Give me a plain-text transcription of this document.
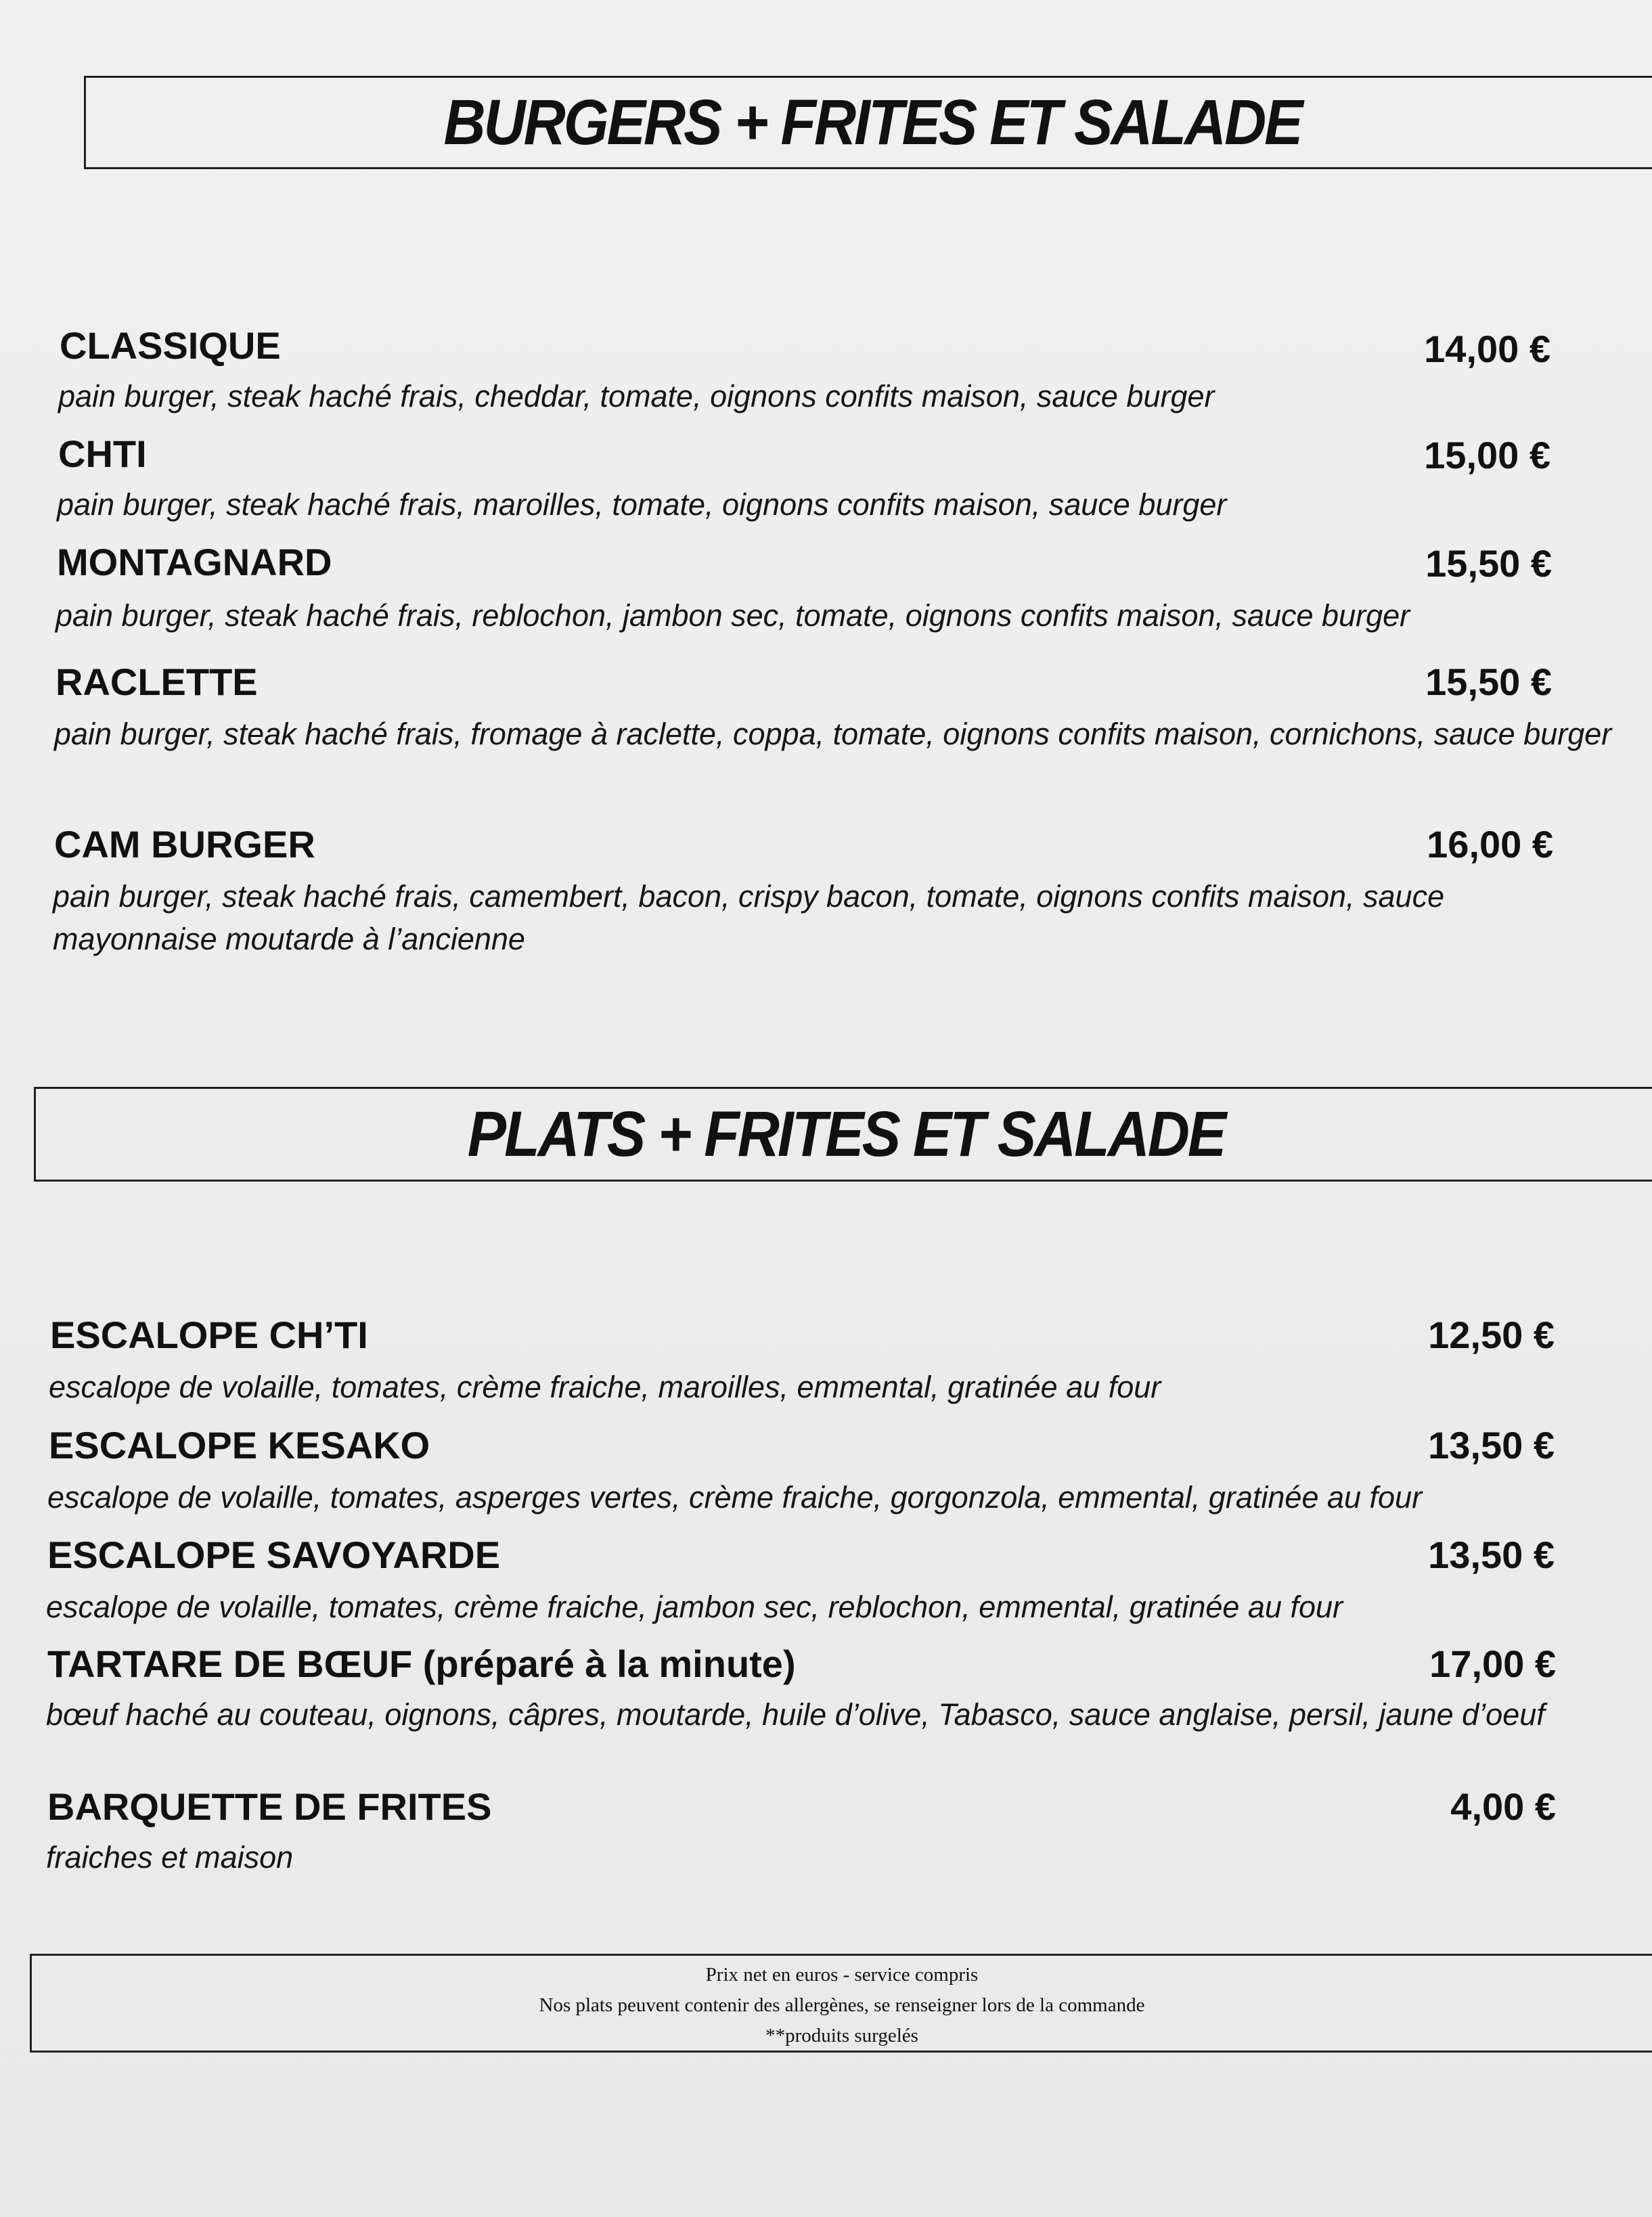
BURGERS + FRITES ET SALADE
CLASSIQUE	14,00 €
pain burger, steak haché frais, cheddar, tomate, oignons confits maison, sauce burger
CHTI	15,00 €
pain burger, steak haché frais, maroilles, tomate, oignons confits maison, sauce burger
MONTAGNARD	15,50 €
pain burger, steak haché frais, reblochon, jambon sec, tomate, oignons confits maison, sauce burger
RACLETTE	15,50 €
pain burger, steak haché frais, fromage à raclette, coppa, tomate, oignons confits maison, cornichons, sauce burger
CAM BURGER	16,00 €
pain burger, steak haché frais, camembert, bacon, crispy bacon, tomate, oignons confits maison, sauce mayonnaise moutarde à l’ancienne
PLATS + FRITES ET SALADE
ESCALOPE CH’TI	12,50 €
escalope de volaille, tomates, crème fraiche, maroilles, emmental, gratinée au four
ESCALOPE KESAKO	13,50 €
escalope de volaille, tomates, asperges vertes, crème fraiche, gorgonzola, emmental, gratinée au four
ESCALOPE SAVOYARDE	13,50 €
escalope de volaille, tomates, crème fraiche, jambon sec, reblochon, emmental, gratinée au four
TARTARE DE BŒUF (préparé à la minute)	17,00 €
bœuf haché au couteau, oignons, câpres, moutarde, huile d’olive, Tabasco, sauce anglaise, persil, jaune d’oeuf
BARQUETTE DE FRITES	4,00 €
fraiches et maison
Prix net en euros - service compris
Nos plats peuvent contenir des allergènes, se renseigner lors de la commande
**produits surgelés
